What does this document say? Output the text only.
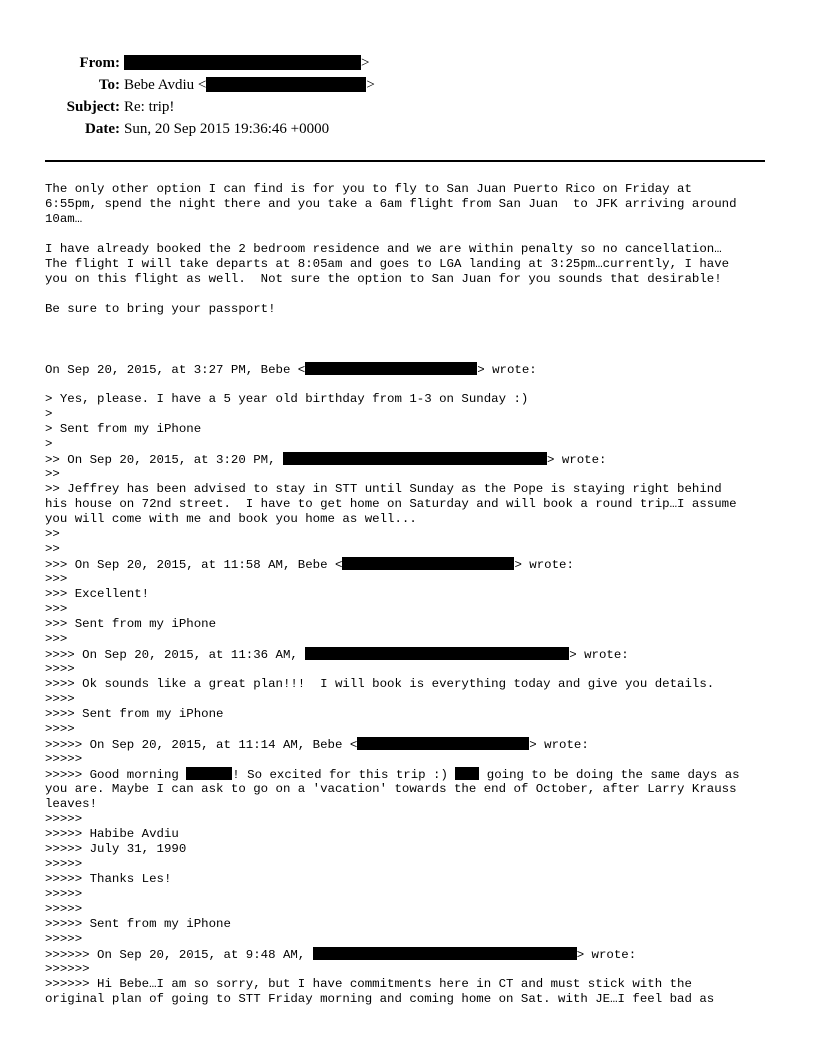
From:	>
To: Bebe Avdiu <	>
Subject: Re: trip!
Date: Sun, 20 Sep 2015 19:36:46 +0000
The only other option I can find is for you to fly to San Juan Puerto Rico on Friday at
6:55pm, spend the night there and you take a 6am flight from San Juan  to JFK arriving around
10am…
I have already booked the 2 bedroom residence and we are within penalty so no cancellation…
The flight I will take departs at 8:05am and goes to LGA landing at 3:25pm…currently, I have
you on this flight as well.  Not sure the option to San Juan for you sounds that desirable!
Be sure to bring your passport!
On Sep 20, 2015, at 3:27 PM, Bebe <	> wrote:
> Yes, please. I have a 5 year old birthday from 1-3 on Sunday :)
>
> Sent from my iPhone
>
>> On Sep 20, 2015, at 3:20 PM,	> wrote:
>>
>> Jeffrey has been advised to stay in STT until Sunday as the Pope is staying right behind
his house on 72nd street.  I have to get home on Saturday and will book a round trip…I assume
you will come with me and book you home as well...
>>
>>
>>> On Sep 20, 2015, at 11:58 AM, Bebe <	> wrote:
>>>
>>> Excellent!
>>>
>>> Sent from my iPhone
>>>
>>>> On Sep 20, 2015, at 11:36 AM,	> wrote:
>>>>
>>>> Ok sounds like a great plan!!!  I will book is everything today and give you details.
>>>>
>>>> Sent from my iPhone
>>>>
>>>>> On Sep 20, 2015, at 11:14 AM, Bebe <	> wrote:
>>>>>
>>>>> Good morning	! So excited for this trip :)  going to be doing the same days as
you are. Maybe I can ask to go on a 'vacation' towards the end of October, after Larry Krauss
leaves!
>>>>>
>>>>> Habibe Avdiu
>>>>> July 31, 1990
>>>>>
>>>>> Thanks Les!
>>>>>
>>>>>
>>>>> Sent from my iPhone
>>>>>
>>>>>> On Sep 20, 2015, at 9:48 AM,	> wrote:
>>>>>>
>>>>>> Hi Bebe…I am so sorry, but I have commitments here in CT and must stick with the
original plan of going to STT Friday morning and coming home on Sat. with JE…I feel bad as
